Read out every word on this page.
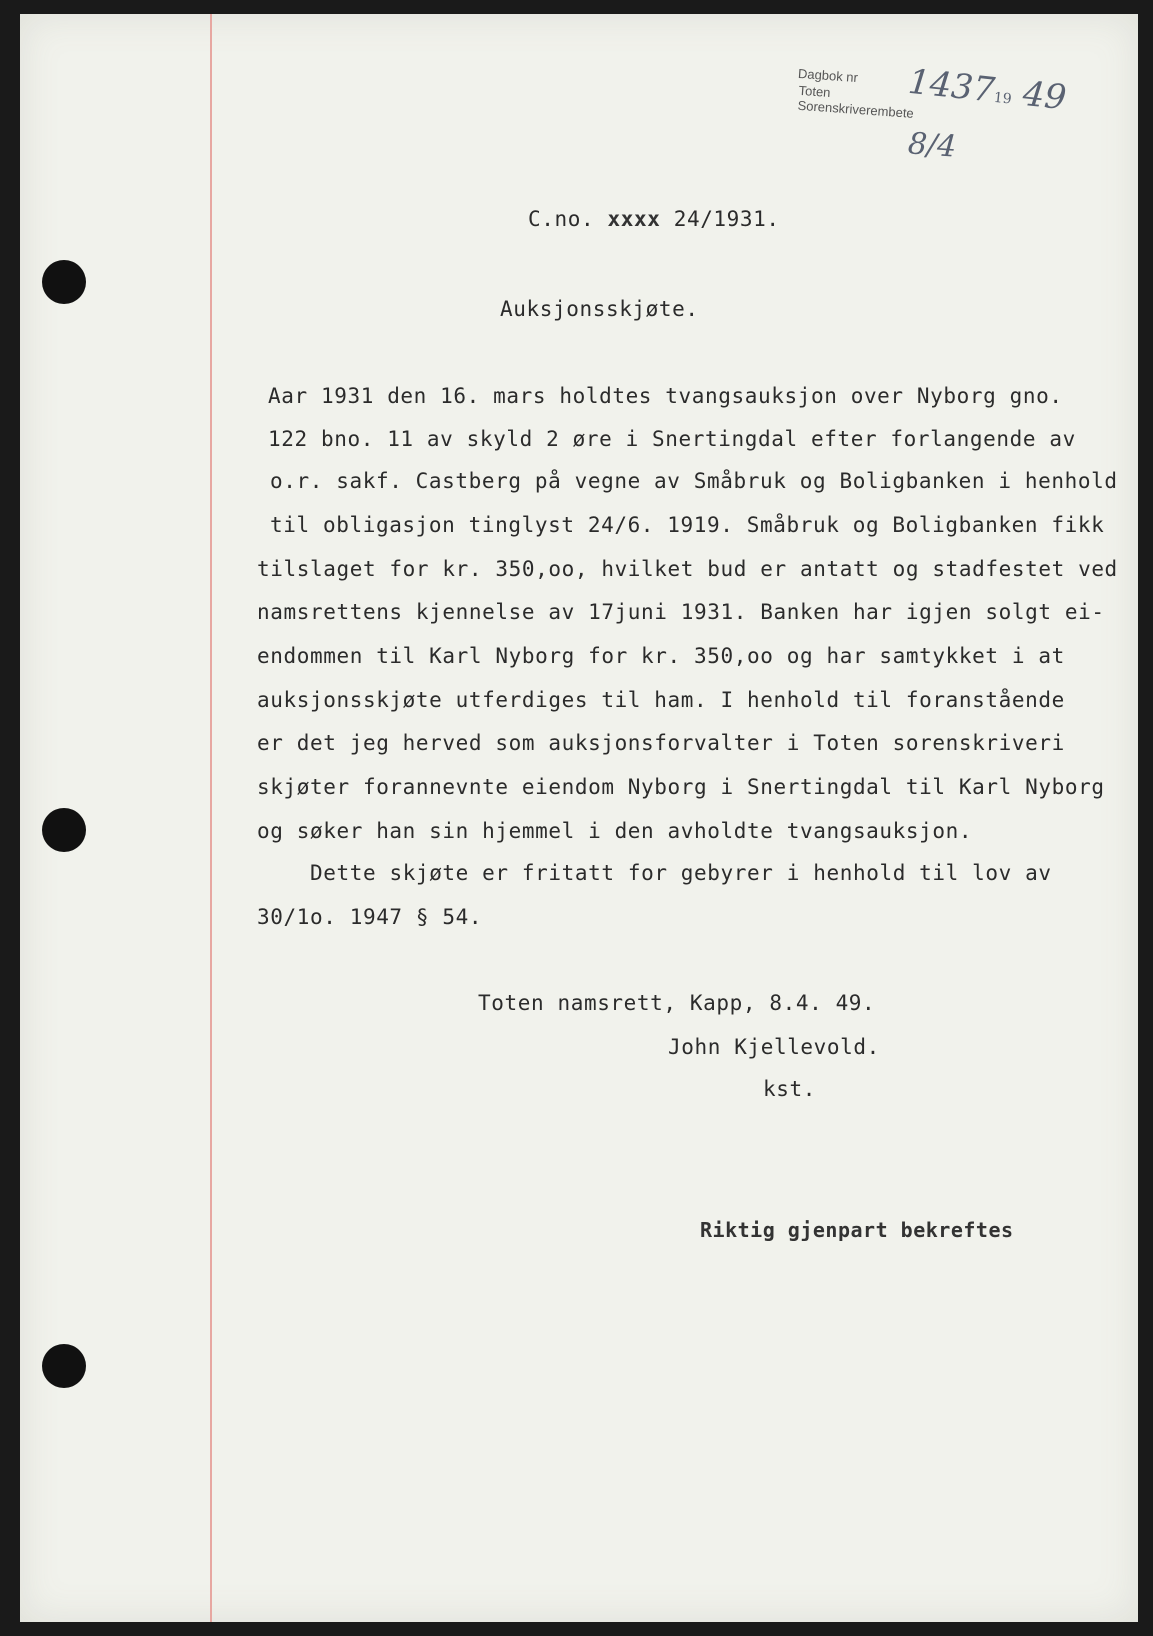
Dagbok nr
Toten Sorenskriverembete
143719 49
8/4
C.no. xxxx 24/1931.
Auksjonsskjøte.
Aar 1931 den 16. mars holdtes tvangsauksjon over Nyborg gno.
122 bno. 11 av skyld 2 øre i Snertingdal efter forlangende av
o.r. sakf. Castberg på vegne av Småbruk og Boligbanken i henhold
til obligasjon tinglyst 24/6. 1919. Småbruk og Boligbanken fikk
tilslaget for kr. 350,oo, hvilket bud er antatt og stadfestet ved
namsrettens kjennelse av 17juni 1931. Banken har igjen solgt ei-
endommen til Karl Nyborg for kr. 350,oo og har samtykket i at
auksjonsskjøte utferdiges til ham. I henhold til foranstående
er det jeg herved som auksjonsforvalter i Toten sorenskriveri
skjøter forannevnte eiendom Nyborg i Snertingdal til Karl Nyborg
og søker han sin hjemmel i den avholdte tvangsauksjon.
Dette skjøte er fritatt for gebyrer i henhold til lov av
30/1o. 1947 § 54.
Toten namsrett, Kapp, 8.4. 49.
John Kjellevold.
kst.
Riktig gjenpart bekreftes
